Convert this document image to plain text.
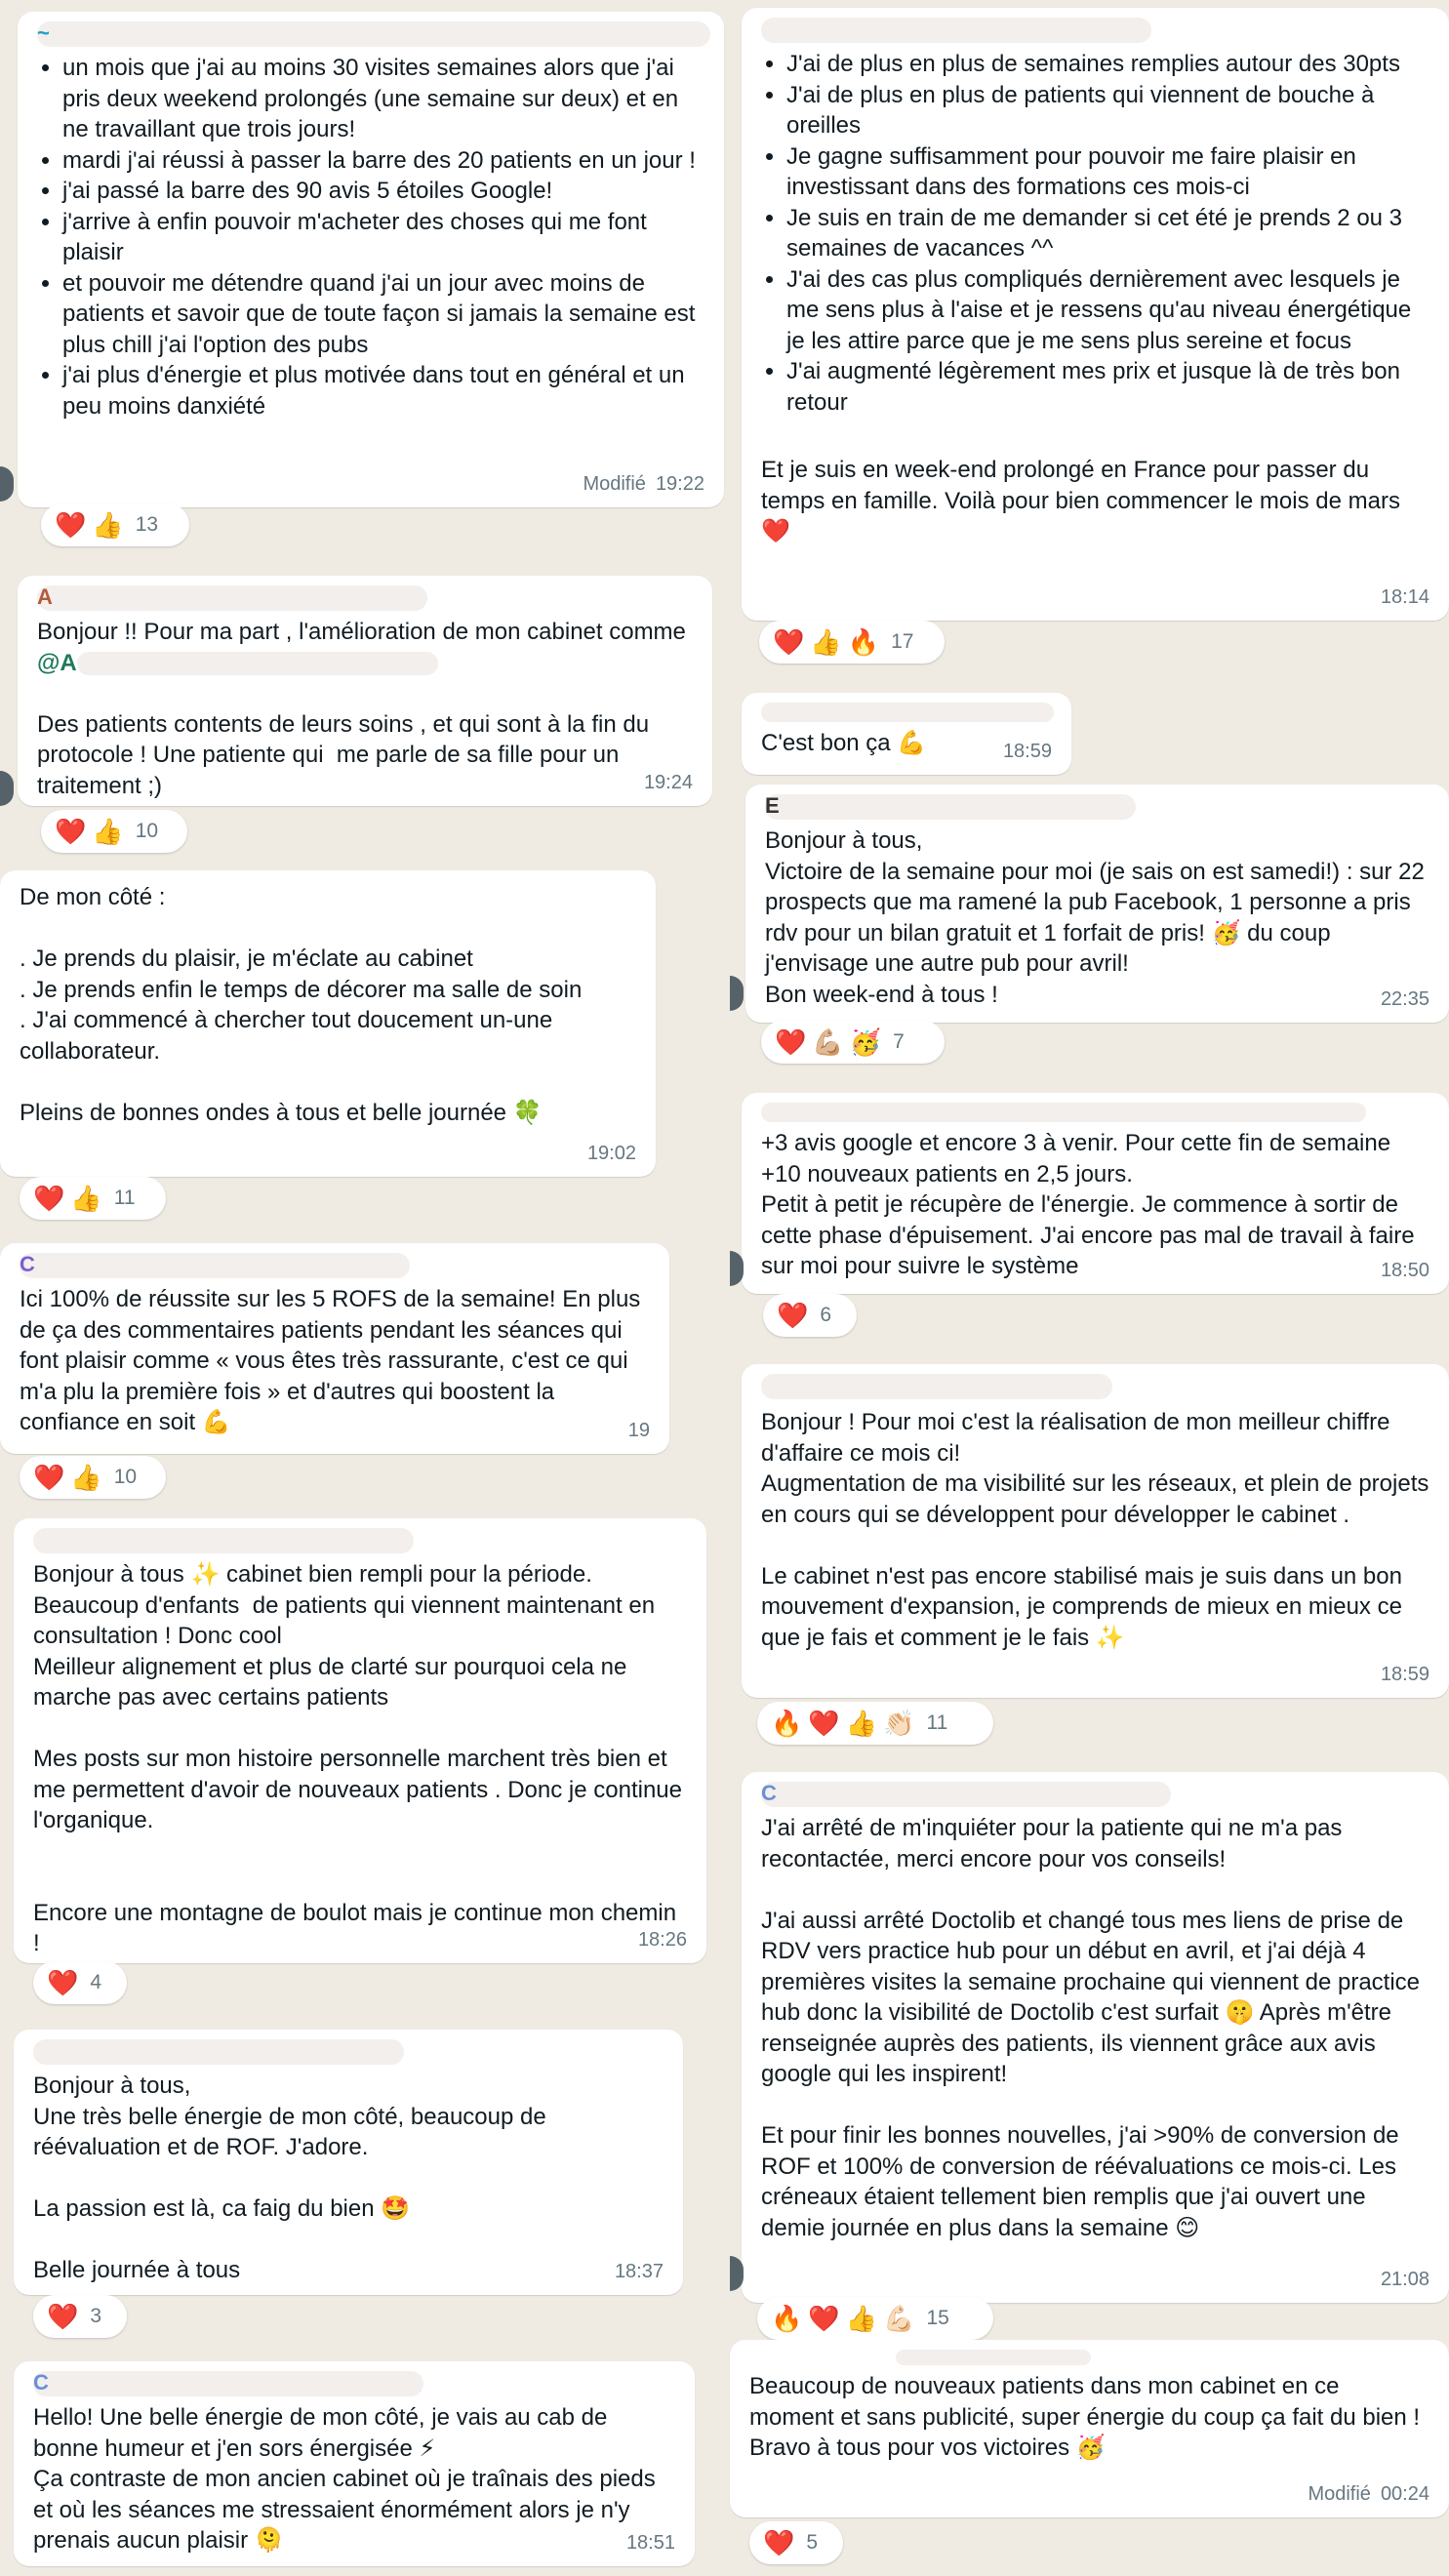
~
• un mois que j'ai au moins 30 visites semaines alors que j'ai pris deux weekend prolongés (une semaine sur deux) et en ne travaillant que trois jours!
• mardi j'ai réussi à passer la barre des 20 patients en un jour !
• j'ai passé la barre des 90 avis 5 étoiles Google!
• j'arrive à enfin pouvoir m'acheter des choses qui me font plaisir
• et pouvoir me détendre quand j'ai un jour avec moins de patients et savoir que de toute façon si jamais la semaine est plus chill j'ai l'option des pubs
• j'ai plus d'énergie et plus motivée dans tout en général et un peu moins danxiété
Modifié 19:22
❤️ 👍 13
A

Bonjour !! Pour ma part , l'amélioration de mon cabinet comme @A

Des patients contents de leurs soins , et qui sont à la fin du protocole ! Une patiente qui  me parle de sa fille pour un traitement ;)	19:24
❤️ 👍 10

De mon côté :

. Je prends du plaisir, je m'éclate au cabinet
. Je prends enfin le temps de décorer ma salle de soin
. J'ai commencé à chercher tout doucement un-une collaborateur.

Pleins de bonnes ondes à tous et belle journée 🍀

19:02
❤️ 👍 11
C

Ici 100% de réussite sur les 5 ROFS de la semaine! En plus de ça des commentaires patients pendant les séances qui font plaisir comme « vous êtes très rassurante, c'est ce qui m'a plu la première fois » et d'autres qui boostent la confiance en soit 💪	19
❤️ 👍 10

Bonjour à tous ✨ cabinet bien rempli pour la période.
Beaucoup d'enfants  de patients qui viennent maintenant en consultation ! Donc cool
Meilleur alignement et plus de clarté sur pourquoi cela ne marche pas avec certains patients

Mes posts sur mon histoire personnelle marchent très bien et me permettent d'avoir de nouveaux patients . Donc je continue l'organique.

Encore une montagne de boulot mais je continue mon chemin !	18:26
❤️ 4

Bonjour à tous,
Une très belle énergie de mon côté, beaucoup de réévaluation et de ROF. J'adore.

La passion est là, ca faig du bien 🤩

Belle journée à tous	18:37
❤️ 3
C

Hello! Une belle énergie de mon côté, je vais au cab de bonne humeur et j'en sors énergisée ⚡
Ça contraste de mon ancien cabinet où je traînais des pieds et où les séances me stressaient énormément alors je n'y prenais aucun plaisir 🫠	18:51
• J'ai de plus en plus de semaines remplies autour des 30pts
• J'ai de plus en plus de patients qui viennent de bouche à oreilles
• Je gagne suffisamment pour pouvoir me faire plaisir en investissant dans des formations ces mois-ci
• Je suis en train de me demander si cet été je prends 2 ou 3 semaines de vacances ^^
• J'ai des cas plus compliqués dernièrement avec lesquels je me sens plus à l'aise et je ressens qu'au niveau énergétique je les attire parce que je me sens plus sereine et focus
• J'ai augmenté légèrement mes prix et jusque là de très bon retour

Et je suis en week-end prolongé en France pour passer du temps en famille. Voilà pour bien commencer le mois de mars ❤️

18:14
❤️ 👍 🔥 17

C'est bon ça 💪	18:59
E

Bonjour à tous,
Victoire de la semaine pour moi (je sais on est samedi!) : sur 22 prospects que ma ramené la pub Facebook, 1 personne a pris rdv pour un bilan gratuit et 1 forfait de pris! 🥳 du coup j'envisage une autre pub pour avril!
Bon week-end à tous !	22:35
❤️ 💪🏼 🥳 7

+3 avis google et encore 3 à venir. Pour cette fin de semaine +10 nouveaux patients en 2,5 jours.
Petit à petit je récupère de l'énergie. Je commence à sortir de cette phase d'épuisement. J'ai encore pas mal de travail à faire sur moi pour suivre le système	18:50
❤️ 6

Bonjour ! Pour moi c'est la réalisation de mon meilleur chiffre d'affaire ce mois ci!
Augmentation de ma visibilité sur les réseaux, et plein de projets en cours qui se développent pour développer le cabinet .

Le cabinet n'est pas encore stabilisé mais je suis dans un bon mouvement d'expansion, je comprends de mieux en mieux ce que je fais et comment je le fais ✨

18:59
🔥 ❤️ 👍 👏🏻 11
C

J'ai arrêté de m'inquiéter pour la patiente qui ne m'a pas recontactée, merci encore pour vos conseils!

J'ai aussi arrêté Doctolib et changé tous mes liens de prise de RDV vers practice hub pour un début en avril, et j'ai déjà 4 premières visites la semaine prochaine qui viennent de practice hub donc la visibilité de Doctolib c'est surfait 🤫 Après m'être renseignée auprès des patients, ils viennent grâce aux avis google qui les inspirent!

Et pour finir les bonnes nouvelles, j'ai >90% de conversion de ROF et 100% de conversion de réévaluations ce mois-ci. Les créneaux étaient tellement bien remplis que j'ai ouvert une demie journée en plus dans la semaine 😊

21:08
🔥 ❤️ 👍 💪🏻 15

Beaucoup de nouveaux patients dans mon cabinet en ce moment et sans publicité, super énergie du coup ça fait du bien !
Bravo à tous pour vos victoires 🥳

Modifié 00:24
❤️ 5
